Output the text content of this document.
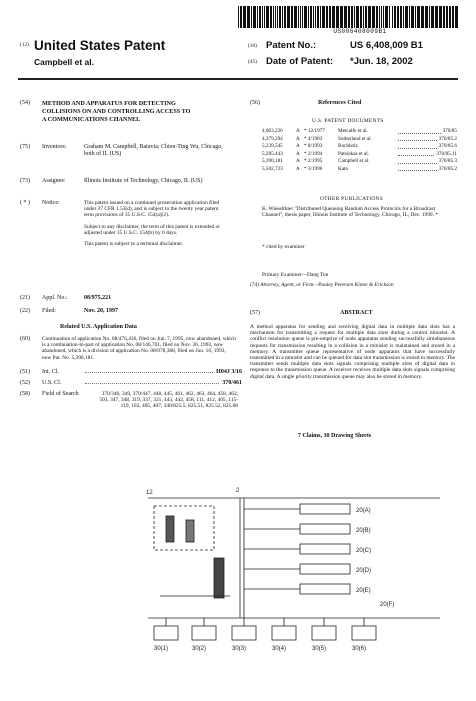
US006408009B1
(12) United States Patent
Campbell et al.
(10) Patent No.:	US 6,408,009 B1
(45) Date of Patent: *Jun. 18, 2002
(54)	METHOD AND APPARATUS FOR DETECTING COLLISIONS ON AND CONTROLLING ACCESS TO A COMMUNICATIONS CHANNEL
(75)	Inventors:	Graham M. Campbell, Batavia; Chien-Ting Wu, Chicago, both of IL (US)
(73)	Assignee:	Illinois Institute of Technology, Chicago, IL (US)
( * )	Notice:	This patent issued on a continued prosecution application filed under 37 CFR 1.53(d), and is subject to the twenty year patent term provisions of 35 U.S.C. 154(a)(2).
Subject to any disclaimer, the term of this patent is extended or adjusted under 35 U.S.C. 154(b) by 0 days.
This patent is subject to a terminal disclaimer.
(21)	Appl. No.:	08/975,221
(22)	Filed:	Nov. 20, 1997
Related U.S. Application Data
(60)	Continuation of application No. 08/476,436, filed on Jun. 7, 1995, now abandoned, which is a continuation-in-part of application No. 08/146,701, filed on Nov. 30, 1993, now abandoned, which is a division of application No. 08/078,388, filed on Jun. 16, 1993, now Pat. No. 5,390,181.
(51)	Int. Cl.	H04J 3/16
(52)	U.S. Cl.	370/461
(58)	Field of Search	370/346, 349, 370/447, 448, 445, 461, 462, 463, 464, 458, 462, 503, 347, 348, 319, 337, 321, 443, 442, 458, 111, 412, 405, 115-119, 102, 405, 407; 340/825.5, 825.51, 825.52, 825.08
(56)	References Cited
U.S. PATENT DOCUMENTS
4,063,220	A * 12/1977	Metcalfe et al.	370/85
4,379,294	A * 4/1983	Sutherland et al.	370/85.2
5,239,545	A * 8/1993	Buchholz	370/85.6
5,285,443	A * 2/1994	Patsiokas et al.	370/85.11
5,390,181	A * 2/1995	Campbell et al.	370/85.3
5,502,723	A * 3/1996	Kato	370/85.2
OTHER PUBLICATIONS
K. Wieselthier "Distributed Queueing Random Access Protocols for a Broadcast Channel", thesis paper, Illinois Institute of Technology, Chicago, IL, Dec. 1990. *
* cited by examiner
Primary Examiner—Dang Ton
(74) Attorney, Agent, or Firm—Pauley Petersen Kinne & Erickson
(57)	ABSTRACT
A method apparatus for sending and receiving digital data in multiple data slots has a mechanism for transmitting a request for multiple data slots during a control minislot. A conflict resolution queue is pre-emptive of node apparatus sending successfully simultaneous requests for transmission resulting in a collision in a minislot is maintained and stored in a memory. A transmitter queue representative of node apparatus that have successfully transmitted in a minislot and can be queued for data slot transmission is stored in memory. The transmitter sends multiple data slots signals comprising multiple slots of digital data in response to the transmission queue. A receiver receives multiple data slots signals comprising digital data. A single priority transmission queue may also be stored in memory.
7 Claims, 30 Drawing Sheets
2
20(A)
20(B)
20(C)
20(D)
20(E)
20(F)
30(1)	30(2)	30(3)	30(4)	30(5)	30(6)
12
